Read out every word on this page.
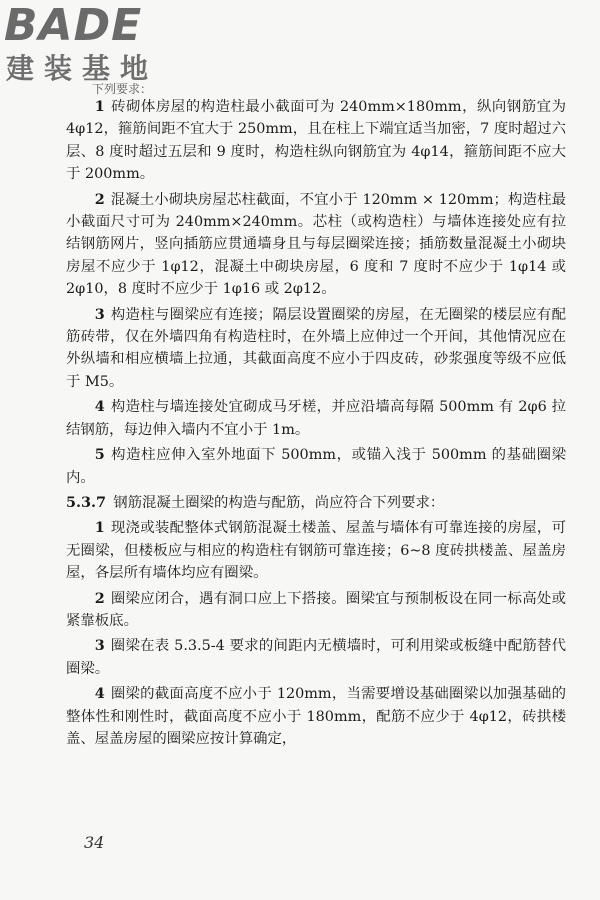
BADE
建装基地
下列要求：

1 砖砌体房屋的构造柱最小截面可为 240mm×180mm，纵向钢筋宜为 4φ12，箍筋间距不宜大于 250mm，且在柱上下端宜适当加密，7 度时超过六层、8 度时超过五层和 9 度时，构造柱纵向钢筋宜为 4φ14，箍筋间距不应大于 200mm。

2 混凝土小砌块房屋芯柱截面，不宜小于 120mm × 120mm；构造柱最小截面尺寸可为 240mm×240mm。芯柱（或构造柱）与墙体连接处应有拉结钢筋网片，竖向插筋应贯通墙身且与每层圈梁连接；插筋数量混凝土小砌块房屋不应少于 1φ12，混凝土中砌块房屋，6 度和 7 度时不应少于 1φ14 或 2φ10，8 度时不应少于 1φ16 或 2φ12。

3 构造柱与圈梁应有连接；隔层设置圈梁的房屋，在无圈梁的楼层应有配筋砖带，仅在外墙四角有构造柱时，在外墙上应伸过一个开间，其他情况应在外纵墙和相应横墙上拉通，其截面高度不应小于四皮砖，砂浆强度等级不应低于 M5。

4 构造柱与墙连接处宜砌成马牙槎，并应沿墙高每隔 500mm 有 2φ6 拉结钢筋，每边伸入墙内不宜小于 1m。

5 构造柱应伸入室外地面下 500mm，或锚入浅于 500mm 的基础圈梁内。

5.3.7 钢筋混凝土圈梁的构造与配筋，尚应符合下列要求：

1 现浇或装配整体式钢筋混凝土楼盖、屋盖与墙体有可靠连接的房屋，可无圈梁，但楼板应与相应的构造柱有钢筋可靠连接；6~8 度砖拱楼盖、屋盖房屋，各层所有墙体均应有圈梁。

2 圈梁应闭合，遇有洞口应上下搭接。圈梁宜与预制板设在同一标高处或紧靠板底。

3 圈梁在表 5.3.5-4 要求的间距内无横墙时，可利用梁或板缝中配筋替代圈梁。

4 圈梁的截面高度不应小于 120mm，当需要增设基础圈梁以加强基础的整体性和刚性时，截面高度不应小于 180mm，配筋不应少于 4φ12，砖拱楼盖、屋盖房屋的圈梁应按计算确定，

34
